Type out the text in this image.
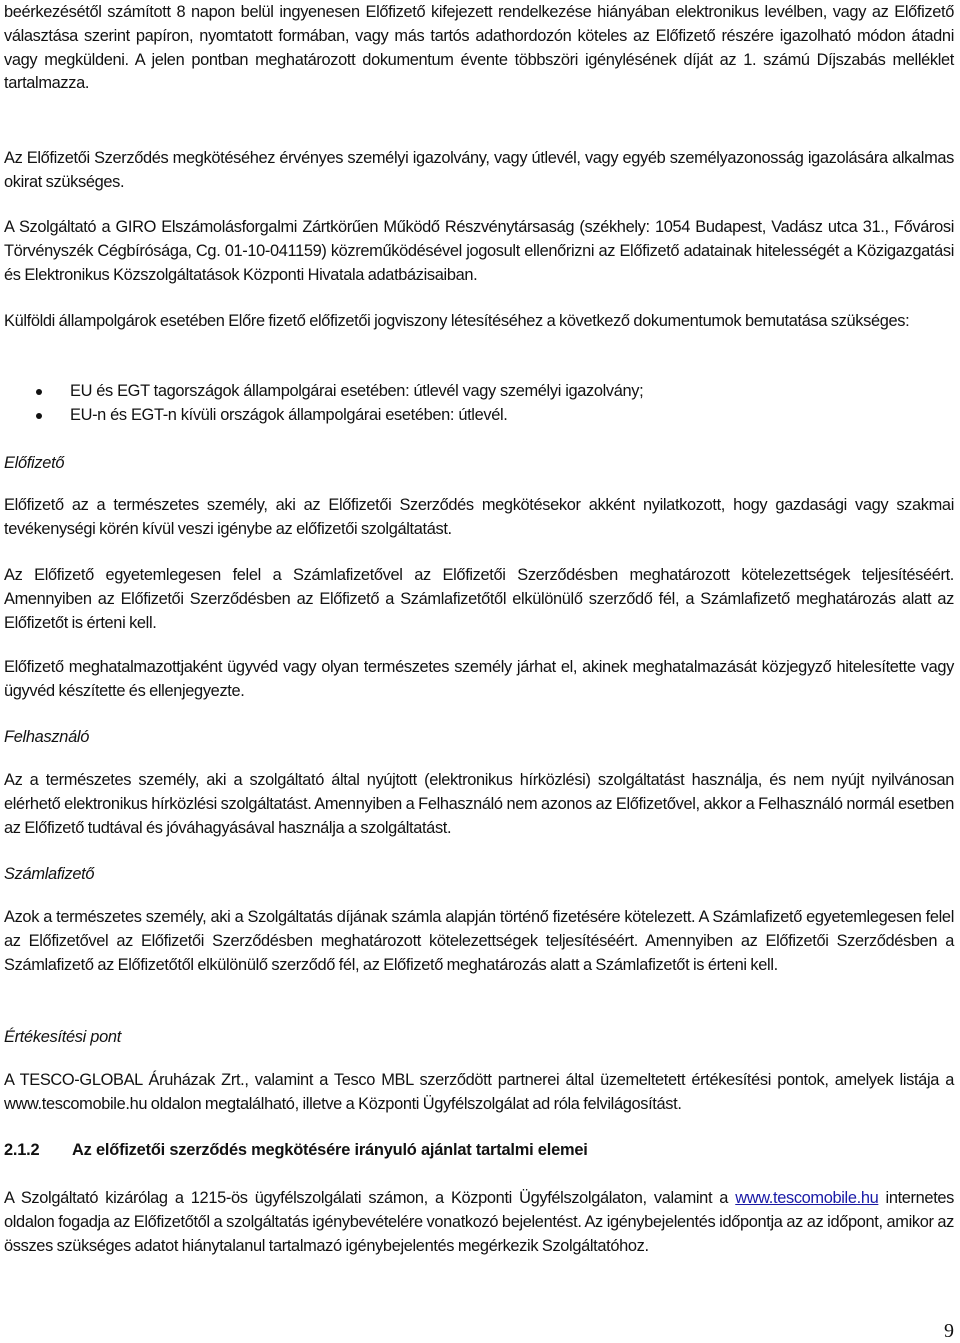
beérkezésétől számított 8 napon belül ingyenesen Előfizető kifejezett rendelkezése hiányában elektronikus levélben, vagy az Előfizető választása szerint papíron, nyomtatott formában, vagy más tartós adathordozón köteles az Előfizető részére igazolható módon átadni vagy megküldeni. A jelen pontban meghatározott dokumentum évente többszöri igénylésének díját az 1. számú Díjszabás melléklet tartalmazza.

Az Előfizetői Szerződés megkötéséhez érvényes személyi igazolvány, vagy útlevél, vagy egyéb személyazonosság igazolására alkalmas okirat szükséges.

A Szolgáltató a GIRO Elszámolásforgalmi Zártkörűen Működő Részvénytársaság (székhely: 1054 Budapest, Vadász utca 31., Fővárosi Törvényszék Cégbírósága, Cg. 01-10-041159) közreműködésével jogosult ellenőrizni az Előfizető adatainak hitelességét a Közigazgatási és Elektronikus Közszolgáltatások Központi Hivatala adatbázisaiban.

Külföldi állampolgárok esetében Előre fizető előfizetői jogviszony létesítéséhez a következő dokumentumok bemutatása szükséges:

EU és EGT tagországok állampolgárai esetében: útlevél vagy személyi igazolvány;
EU-n és EGT-n kívüli országok állampolgárai esetében: útlevél.
Előfizető

Előfizető az a természetes személy, aki az Előfizetői Szerződés megkötésekor akként nyilatkozott, hogy gazdasági vagy szakmai tevékenységi körén kívül veszi igénybe az előfizetői szolgáltatást.

Az Előfizető egyetemlegesen felel a Számlafizetővel az Előfizetői Szerződésben meghatározott kötelezettségek teljesítéséért. Amennyiben az Előfizetői Szerződésben az Előfizető a Számlafizetőtől elkülönülő szerződő fél, a Számlafizető meghatározás alatt az Előfizetőt is érteni kell.

Előfizető meghatalmazottjaként ügyvéd vagy olyan természetes személy járhat el, akinek meghatalmazását közjegyző hitelesítette vagy ügyvéd készítette és ellenjegyezte.

Felhasználó

Az a természetes személy, aki a szolgáltató által nyújtott (elektronikus hírközlési) szolgáltatást használja, és nem nyújt nyilvánosan elérhető elektronikus hírközlési szolgáltatást. Amennyiben a Felhasználó nem azonos az Előfizetővel, akkor a Felhasználó normál esetben az Előfizető tudtával és jóváhagyásával használja a szolgáltatást.

Számlafizető

Azok a természetes személy, aki a Szolgáltatás díjának számla alapján történő fizetésére kötelezett. A Számlafizető egyetemlegesen felel az Előfizetővel az Előfizetői Szerződésben meghatározott kötelezettségek teljesítéséért. Amennyiben az Előfizetői Szerződésben a Számlafizető az Előfizetőtől elkülönülő szerződő fél, az Előfizető meghatározás alatt a Számlafizetőt is érteni kell.

Értékesítési pont

A TESCO-GLOBAL Áruházak Zrt., valamint a Tesco MBL szerződött partnerei által üzemeltetett értékesítési pontok, amelyek listája a www.tescomobile.hu oldalon megtalálható, illetve a Központi Ügyfélszolgálat ad róla felvilágosítást.

2.1.2 Az előfizetői szerződés megkötésére irányuló ajánlat tartalmi elemei

A Szolgáltató kizárólag a 1215-ös ügyfélszolgálati számon, a Központi Ügyfélszolgálaton, valamint a www.tescomobile.hu internetes oldalon fogadja az Előfizetőtől a szolgáltatás igénybevételére vonatkozó bejelentést. Az igénybejelentés időpontja az az időpont, amikor az összes szükséges adatot hiánytalanul tartalmazó igénybejelentés megérkezik Szolgáltatóhoz.

9
